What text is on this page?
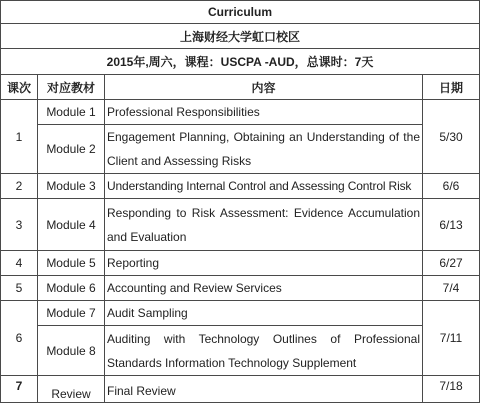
Curriculum			
上海财经大学虹口校区			
2015年,周六，课程：USCPA -AUD，总课时：7天			
课次	对应教材	内容	日期
1	Module 1	Professional Responsibilities	5/30
	Module 2	Engagement Planning, Obtaining an Understanding of the Client and Assessing Risks	
2	Module 3	Understanding Internal Control and Assessing Control Risk	6/6
3	Module 4	Responding to Risk Assessment: Evidence Accumulation and Evaluation	6/13
4	Module 5	Reporting	6/27
5	Module 6	Accounting and Review Services	7/4
6	Module 7	Audit Sampling	7/11
	Module 8	Auditing with Technology Outlines of Professional Standards Information Technology Supplement	
7	Review	Final Review	7/18
